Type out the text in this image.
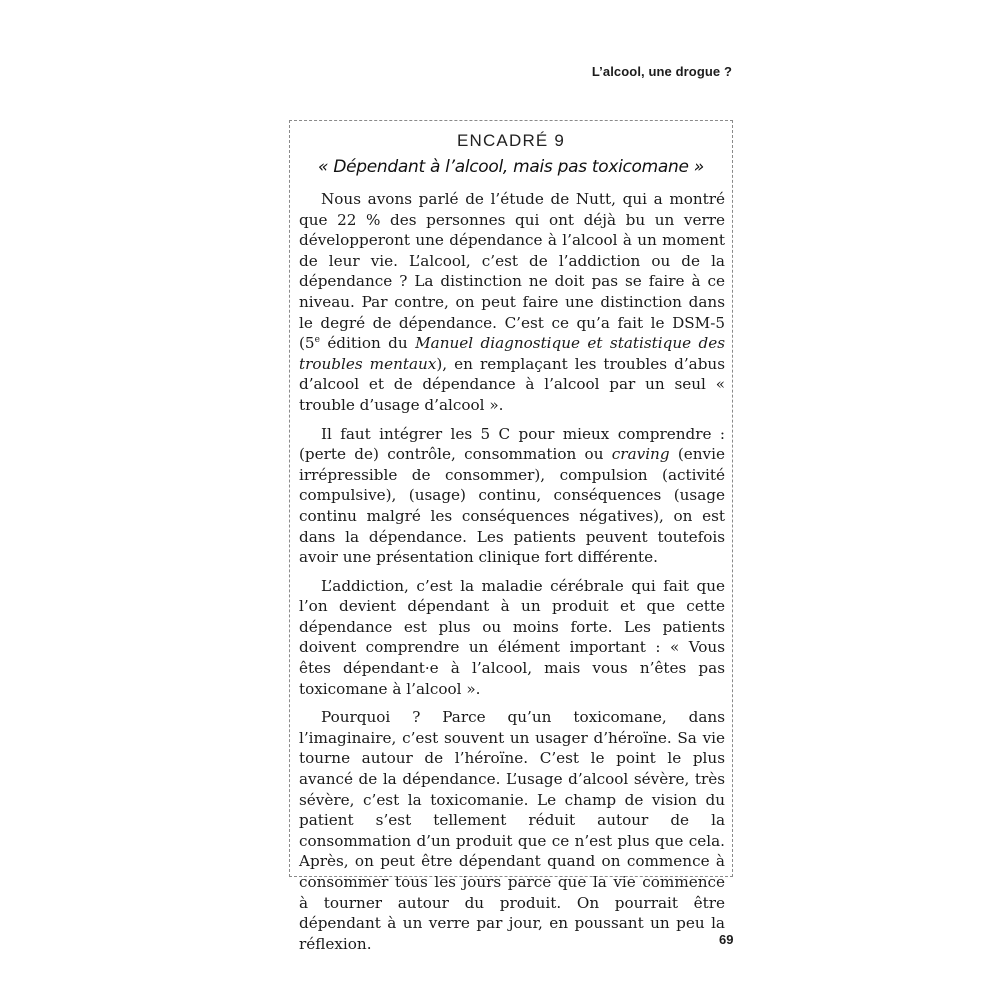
L’alcool, une drogue ?
ENCADRÉ 9
« Dépendant à l’alcool, mais pas toxicomane »

Nous avons parlé de l’étude de Nutt, qui a montré que 22 % des personnes qui ont déjà bu un verre développeront une dépendance à l’alcool à un moment de leur vie. L’alcool, c’est de l’addiction ou de la dépendance ? La distinction ne doit pas se faire à ce niveau. Par contre, on peut faire une distinction dans le degré de dépendance. C’est ce qu’a fait le DSM-5 (5e édition du Manuel diagnostique et statistique des troubles mentaux), en remplaçant les troubles d’abus d’alcool et de dépendance à l’alcool par un seul « trouble d’usage d’alcool ».

Il faut intégrer les 5 C pour mieux comprendre : (perte de) contrôle, consommation ou craving (envie irrépressible de consommer), compulsion (activité compulsive), (usage) continu, conséquences (usage continu malgré les conséquences négatives), on est dans la dépendance. Les patients peuvent toutefois avoir une présentation clinique fort différente.

L’addiction, c’est la maladie cérébrale qui fait que l’on devient dépendant à un produit et que cette dépendance est plus ou moins forte. Les patients doivent comprendre un élément important : « Vous êtes dépendant·e à l’alcool, mais vous n’êtes pas toxicomane à l’alcool ».

Pourquoi ? Parce qu’un toxicomane, dans l’imaginaire, c’est souvent un usager d’héroïne. Sa vie tourne autour de l’héroïne. C’est le point le plus avancé de la dépendance. L’usage d’alcool sévère, très sévère, c’est la toxicomanie. Le champ de vision du patient s’est tellement réduit autour de la consommation d’un produit que ce n’est plus que cela. Après, on peut être dépendant quand on commence à consommer tous les jours parce que la vie commence à tourner autour du produit. On pourrait être dépendant à un verre par jour, en poussant un peu la réflexion.	69
